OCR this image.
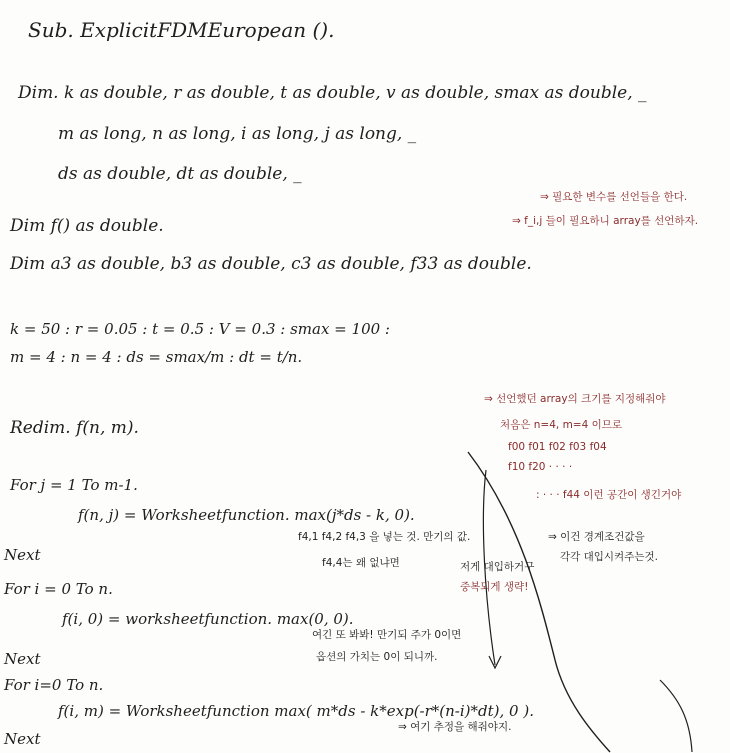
Sub. ExplicitFDMEuropean ().
Dim. k as double, r as double, t as double, v as double, smax as double, _
m as long, n as long, i as long, j as long, _
ds as double, dt as double, _
Dim f() as double.
Dim a3 as double, b3 as double, c3 as double, f33 as double.
k = 50 : r = 0.05 : t = 0.5 : V = 0.3 : smax = 100 :
m = 4 : n = 4 : ds = smax/m : dt = t/n.
Redim. f(n, m).
For j = 1 To m-1.
f(n, j) = Worksheetfunction. max(j*ds - k, 0).
Next
For i = 0 To n.
f(i, 0) = worksheetfunction. max(0, 0).
Next
For i=0 To n.
f(i, m) = Worksheetfunction max( m*ds - k*exp(-r*(n-i)*dt), 0 ).
Next
⇒ 필요한 변수를 선언들을 한다.
⇒ f_i,j 들이 필요하니 array를 선언하자.
⇒ 선언했던 array의 크기를 지정해줘야
처음은 n=4, m=4 이므로
f00 f01 f02 f03 f04
f10 f20 · · · ·
: · · · f44 이런 공간이 생긴거야
f4,1 f4,2 f4,3 을 넣는 것. 만기의 값.
f4,4는 왜 없냐면	저게 대입하거구
중복되게 생략!
⇒ 이건 경계조건값을
각각 대입시켜주는것.
여긴 또 봐봐! 만기되 주가 0이면
옵션의 가치는 0이 되니까.
⇒ 여기 추정을 해줘야지.
